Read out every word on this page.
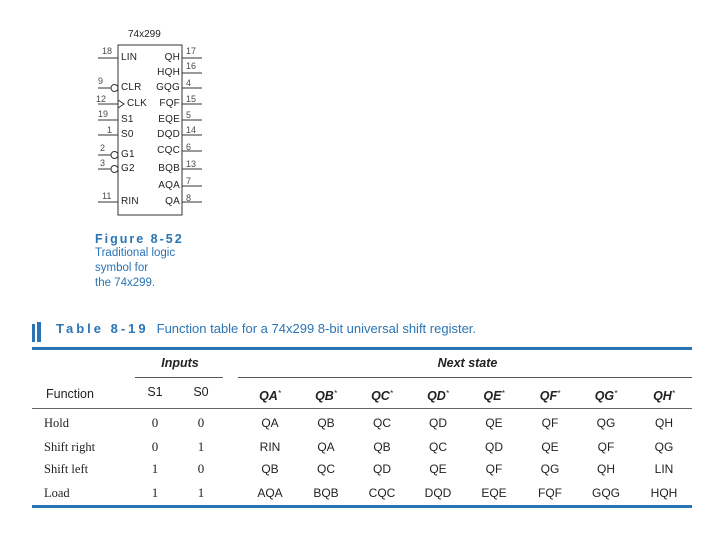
74x299
18
9
12
19
1
2
3
11
LIN
CLR
CLK
S1
S0
G1
G2
RIN
QH
HQH
GQG
FQF
EQE
DQD
CQC
BQB
AQA
QA
17
16
4
15
5
14
6
13
7
8
Figure 8-52
Traditional logic
symbol for
the 74x299.
Table 8-19 Function table for a 74x299 8-bit universal shift register.
Inputs	Next state
Function	S1	S0	QA*	QB*	QC*	QD*	QE*	QF*	QG*	QH*
Hold	0	0	QA	QB	QC	QD	QE	QF	QG	QH
Shift right	0	1	RIN	QA	QB	QC	QD	QE	QF	QG
Shift left	1	0	QB	QC	QD	QE	QF	QG	QH	LIN
Load	1	1	AQA	BQB	CQC	DQD	EQE	FQF	GQG	HQH
